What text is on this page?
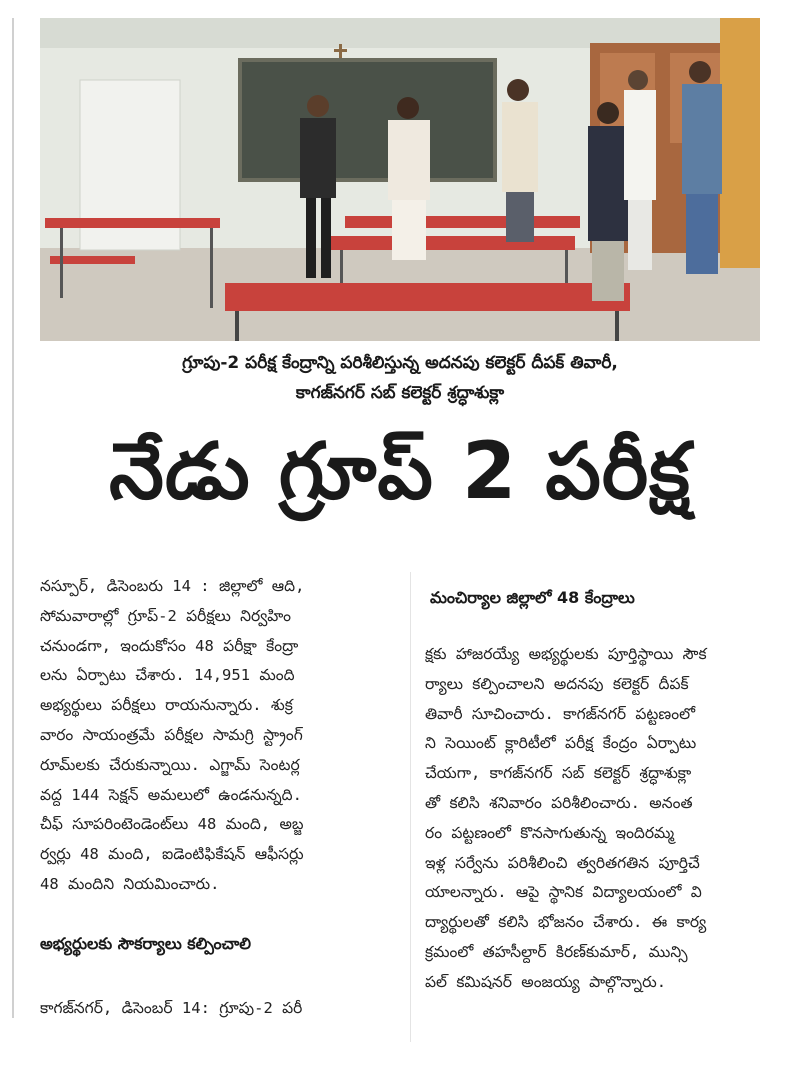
గ్రూపు-2 పరీక్ష కేంద్రాన్ని పరిశీలిస్తున్న అదనపు కలెక్టర్ దీపక్ తివారీ,
కాగజ్‌నగర్ సబ్ కలెక్టర్ శ్రద్ధాశుక్లా
నేడు గ్రూప్ 2 పరీక్ష

నస్పూర్, డిసెంబరు 14 : జిల్లాలో ఆది,

సోమవారాల్లో గ్రూప్-2 పరీక్షలు నిర్వహిం

చనుండగా, ఇందుకోసం 48 పరీక్షా కేంద్రా

లను ఏర్పాటు చేశారు. 14,951 మంది

అభ్యర్థులు పరీక్షలు రాయనున్నారు. శుక్ర

వారం సాయంత్రమే పరీక్షల సామగ్రి స్ట్రాంగ్

రూమ్‌లకు చేరుకున్నాయి. ఎగ్జామ్ సెంటర్ల

వద్ద 144 సెక్షన్ అమలులో ఉండనున్నది.

చీఫ్ సూపరింటెండెంట్‌లు 48 మంది, అబ్జ

ర్వర్లు 48 మంది, ఐడెంటిఫికేషన్ ఆఫీసర్లు

48 మందిని నియమించారు.

అభ్యర్థులకు సౌకర్యాలు కల్పించాలి
కాగజ్‌నగర్, డిసెంబర్ 14: గ్రూపు-2 పరీ
మంచిర్యాల జిల్లాలో 48 కేంద్రాలు

క్షకు హాజరయ్యే అభ్యర్థులకు పూర్తిస్థాయి సౌక

ర్యాలు కల్పించాలని అదనపు కలెక్టర్ దీపక్

తివారీ సూచించారు. కాగజ్‌నగర్ పట్టణంలో

ని సెయింట్ క్లారిటీలో పరీక్ష కేంద్రం ఏర్పాటు

చేయగా, కాగజ్‌నగర్ సబ్ కలెక్టర్ శ్రద్ధాశుక్లా

తో కలిసి శనివారం పరిశీలించారు. అనంత

రం పట్టణంలో కొనసాగుతున్న ఇందిరమ్మ

ఇళ్ల సర్వేను పరిశీలించి త్వరితగతిన పూర్తిచే

యాలన్నారు. ఆపై స్థానిక విద్యాలయంలో వి

ద్యార్థులతో కలిసి భోజనం చేశారు. ఈ కార్య

క్రమంలో తహసీల్దార్ కిరణ్‌కుమార్, మున్సి

పల్ కమిషనర్ అంజయ్య పాల్గొన్నారు.
